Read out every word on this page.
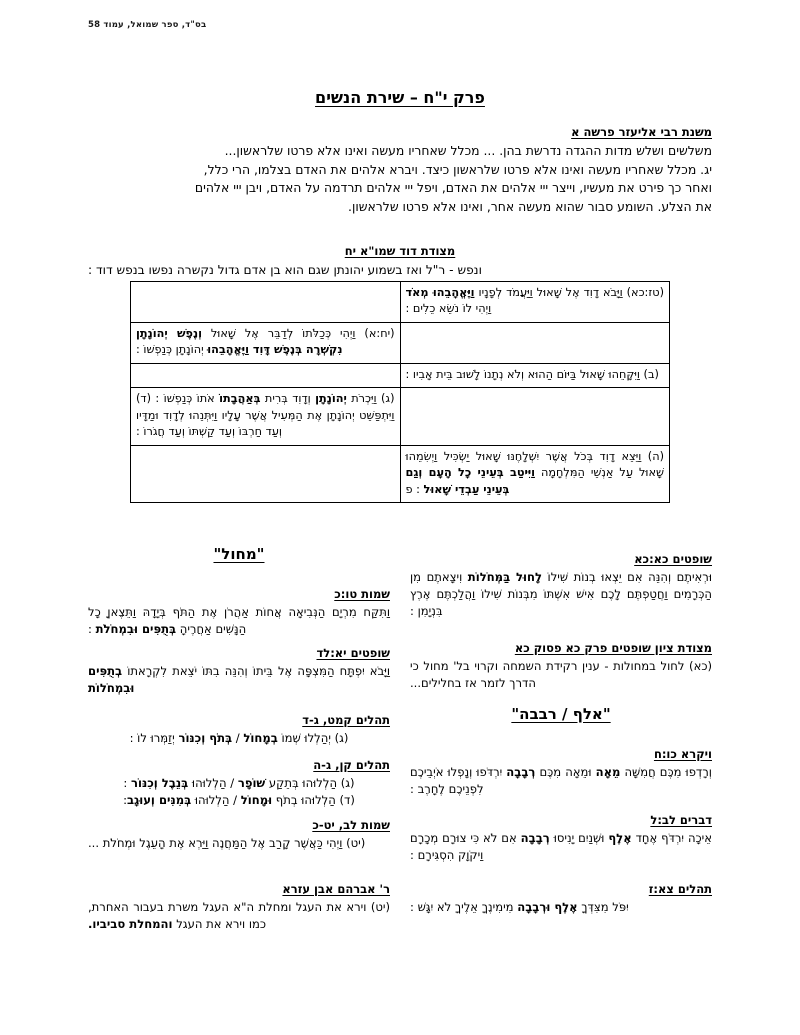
בס"ד, ספר שמואל, עמוד 58
פרק י"ח – שירת הנשים
משנת רבי אליעזר פרשה א
משלשים ושלש מדות ההגדה נדרשת בהן. ... מכלל שאחריו מעשה ואינו אלא פרטו שלראשון...
יג. מכלל שאחריו מעשה ואינו אלא פרטו שלראשון כיצד. ויברא אלהים את האדם בצלמו, הרי כלל,
ואחר כך פירט את מעשיו, וייצר ייי אלהים את האדם, ויפל ייי אלהים תרדמה על האדם, ויבן ייי אלהים
את הצלע. השומע סבור שהוא מעשה אחר, ואינו אלא פרטו שלראשון.
מצודת דוד שמו"א יח
ונפש - ר"ל ואז בשמוע יהונתן שגם הוא בן אדם גדול נקשרה נפשו בנפש דוד :
(טז:כא) וַיָּבֹא דָוִד אֶל שָׁאוּל וַיַּעֲמֹד לְפָנָיו וַיֶּאֱהָבֵהוּ מְאֹד וַיְהִי לוֹ נֹשֵׂא כֵלִים :	

	(יח:א) וַיְהִי כְּכַלֹּתוֹ לְדַבֵּר אֶל שָׁאוּל וְנֶפֶשׁ יְהוֹנָתָן נִקְשְׁרָה בְּנֶפֶשׁ דָּוִד וַיֶּאֱהָבֵהוּ יְהוֹנָתָן כְּנַפְשׁוֹ :

(ב) וַיִּקָּחֵהוּ שָׁאוּל בַּיּוֹם הַהוּא וְלֹא נְתָנוֹ לָשׁוּב בֵּית אָבִיו :	

	(ג) וַיִּכְרֹת יְהוֹנָתָן וְדָוִד בְּרִית בְּאַהֲבָתוֹ אֹתוֹ כְּנַפְשׁוֹ : (ד) וַיִּתְפַּשֵּׁט יְהוֹנָתָן אֶת הַמְּעִיל אֲשֶׁר עָלָיו וַיִּתְּנֵהוּ לְדָוִד וּמַדָּיו וְעַד חַרְבּוֹ וְעַד קַשְׁתּוֹ וְעַד חֲגֹרוֹ :

(ה) וַיֵּצֵא דָוִד בְּכֹל אֲשֶׁר יִשְׁלָחֶנּוּ שָׁאוּל יַשְׂכִּיל וַיְשִׂמֵהוּ שָׁאוּל עַל אַנְשֵׁי הַמִּלְחָמָה וַיִּיטַב בְּעֵינֵי כָל הָעָם וְגַם בְּעֵינֵי עַבְדֵי שָׁאוּל : פ	

"מחול"
שמות טו:כ
וַתִּקַּח מִרְיָם הַנְּבִיאָה אֲחוֹת אַהֲרֹן אֶת הַתֹּף בְּיָדָהּ וַתֵּצֶאןָ כָל הַנָּשִׁים אַחֲרֶיהָ בְּתֻפִּים וּבִמְחֹלֹת :
שופטים יא:לד
וַיָּבֹא יִפְתָּח הַמִּצְפָּה אֶל בֵּיתוֹ וְהִנֵּה בִתּוֹ יֹצֵאת לִקְרָאתוֹ בְתֻפִּים וּבִמְחֹלוֹת
תהלים קמט, ג-ד
(ג) יְהַלְלוּ שְׁמוֹ בְמָחוֹל / בְּתֹף וְכִנּוֹר יְזַמְּרוּ לוֹ :
תהלים קן, ג-ה
(ג) הַלְלוּהוּ בְּתֵקַע שׁוֹפָר / הַלְלוּהוּ בְּנֵבֶל וְכִנּוֹר :
(ד) הַלְלוּהוּ בְתֹף וּמָחוֹל / הַלְלוּהוּ בְּמִנִּים וְעוּגָב:
שמות לב, יט-כ
(יט) וַיְהִי כַּאֲשֶׁר קָרַב אֶל הַמַּחֲנֶה וַיַּרְא אֶת הָעֵגֶל וּמְחֹלֹת ...
ר' אברהם אבן עזרא
(יט) וירא את העגל ומחלת ה"א העגל משרת בעבור האחרת, כמו וירא את העגל והמחלת סביביו.
שופטים כא:כא
וּרְאִיתֶם וְהִנֵּה אִם יֵצְאוּ בְנוֹת שִׁילוֹ לָחוּל בַּמְּחֹלוֹת וִיצָאתֶם מִן הַכְּרָמִים וַחֲטַפְתֶּם לָכֶם אִישׁ אִשְׁתּוֹ מִבְּנוֹת שִׁילוֹ וַהֲלַכְתֶּם אֶרֶץ בִּנְיָמִן :
מצודת ציון שופטים פרק כא פסוק כא
(כא) לחול במחולות - ענין רקידת השמחה וקרוי בל' מחול כי הדרך לזמר אז בחלילים...
"אלף / רבבה"
ויקרא כו:ח
וְרָדְפוּ מִכֶּם חֲמִשָּׁה מֵאָה וּמֵאָה מִכֶּם רְבָבָה יִרְדֹּפוּ וְנָפְלוּ אֹיְבֵיכֶם לִפְנֵיכֶם לֶחָרֶב :
דברים לב:ל
אֵיכָה יִרְדֹּף אֶחָד אֶלֶף וּשְׁנַיִם יָנִיסוּ רְבָבָה אִם לֹא כִּי צוּרָם מְכָרָם וַיקֹוָק הִסְגִּירָם :
תהלים צא:ז
יִפֹּל מִצִּדְּךָ אֶלֶף וּרְבָבָה מִימִינֶךָ אֵלֶיךָ לֹא יִגָּשׁ :
